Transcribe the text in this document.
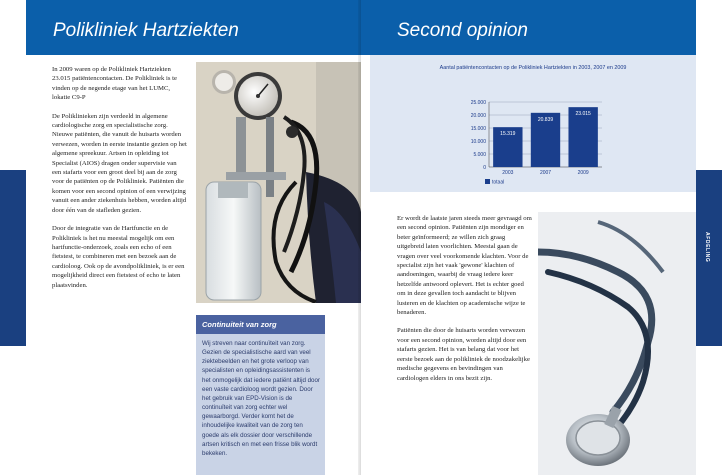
Polikliniek Hartziekten

In 2009 waren op de Polikliniek Hartziekten 23.015 patiëntencontacten. De Polikliniek is te vinden op de negende etage van het LUMC, lokatie C9-P

De Poliklinieken zijn verdeeld in algemene cardiologische zorg en specialistische zorg. Nieuwe patiënten, die vanuit de huisarts worden verwezen, worden in eerste instantie gezien op het algemene spreekuur. Artsen in opleiding tot Specialist (AIOS) dragen onder supervisie van een stafarts voor een groot deel bij aan de zorg voor de patiënten op de Polikliniek. Patiënten die komen voor een second opinion of een verwijzing vanuit een ander ziekenhuis hebben, worden altijd door één van de stafleden gezien.

Door de integratie van de Hartfunctie en de Polikliniek is het nu meestal mogelijk om een hartfunctie-onderzoek, zoals een echo of een fietstest, te combineren met een bezoek aan de cardioloog. Ook op de avondpolikliniek, is er een mogelijkheid direct een fietstest of echo te laten plaatsvinden.

Continuiteit van zorg
Wij streven naar continuïteit van zorg. Gezien de specialistische aard van veel ziektebeelden en het grote verloop van specialisten en opleidingsassistenten is het onmogelijk dat iedere patiënt altijd door een vaste cardioloog wordt gezien. Door het gebruik van EPD-Vision is de continuïteit van zorg echter wel gewaarborgd. Verder komt het de inhoudelijke kwaliteit van de zorg ten goede als elk dossier door verschillende artsen kritisch en met een frisse blik wordt bekeken.
Second opinion
Aantal patiëntencontacten op de Polikliniek Hartziekten in 2003, 2007 en 2009
0
5.000
10.000
15.000
20.000
25.000
15.319
2003
20.839
2007
23.015
2009
totaal

Er wordt de laatste jaren steeds meer gevraagd om een second opinion. Patiënten zijn mondiger en beter geïnformeerd; ze willen zich graag uitgebreid laten voorlichten. Meestal gaan de vragen over veel voorkomende klachten. Voor de specialist zijn het vaak 'gewone' klachten of aandoeningen, waarbij de vraag iedere keer hetzelfde antwoord oplevert. Het is echter goed om in deze gevallen toch aandacht te blijven lusteren en de klachten op academische wijze te benaderen.

Patiënten die door de huisarts worden verwezen voor een second opinion, worden altijd door een stafarts gezien. Het is van belang dat voor het eerste bezoek aan de polikliniek de noodzakelijke medische gegevens en bevindingen van cardiologen elders in ons bezit zijn.

AFDELING
